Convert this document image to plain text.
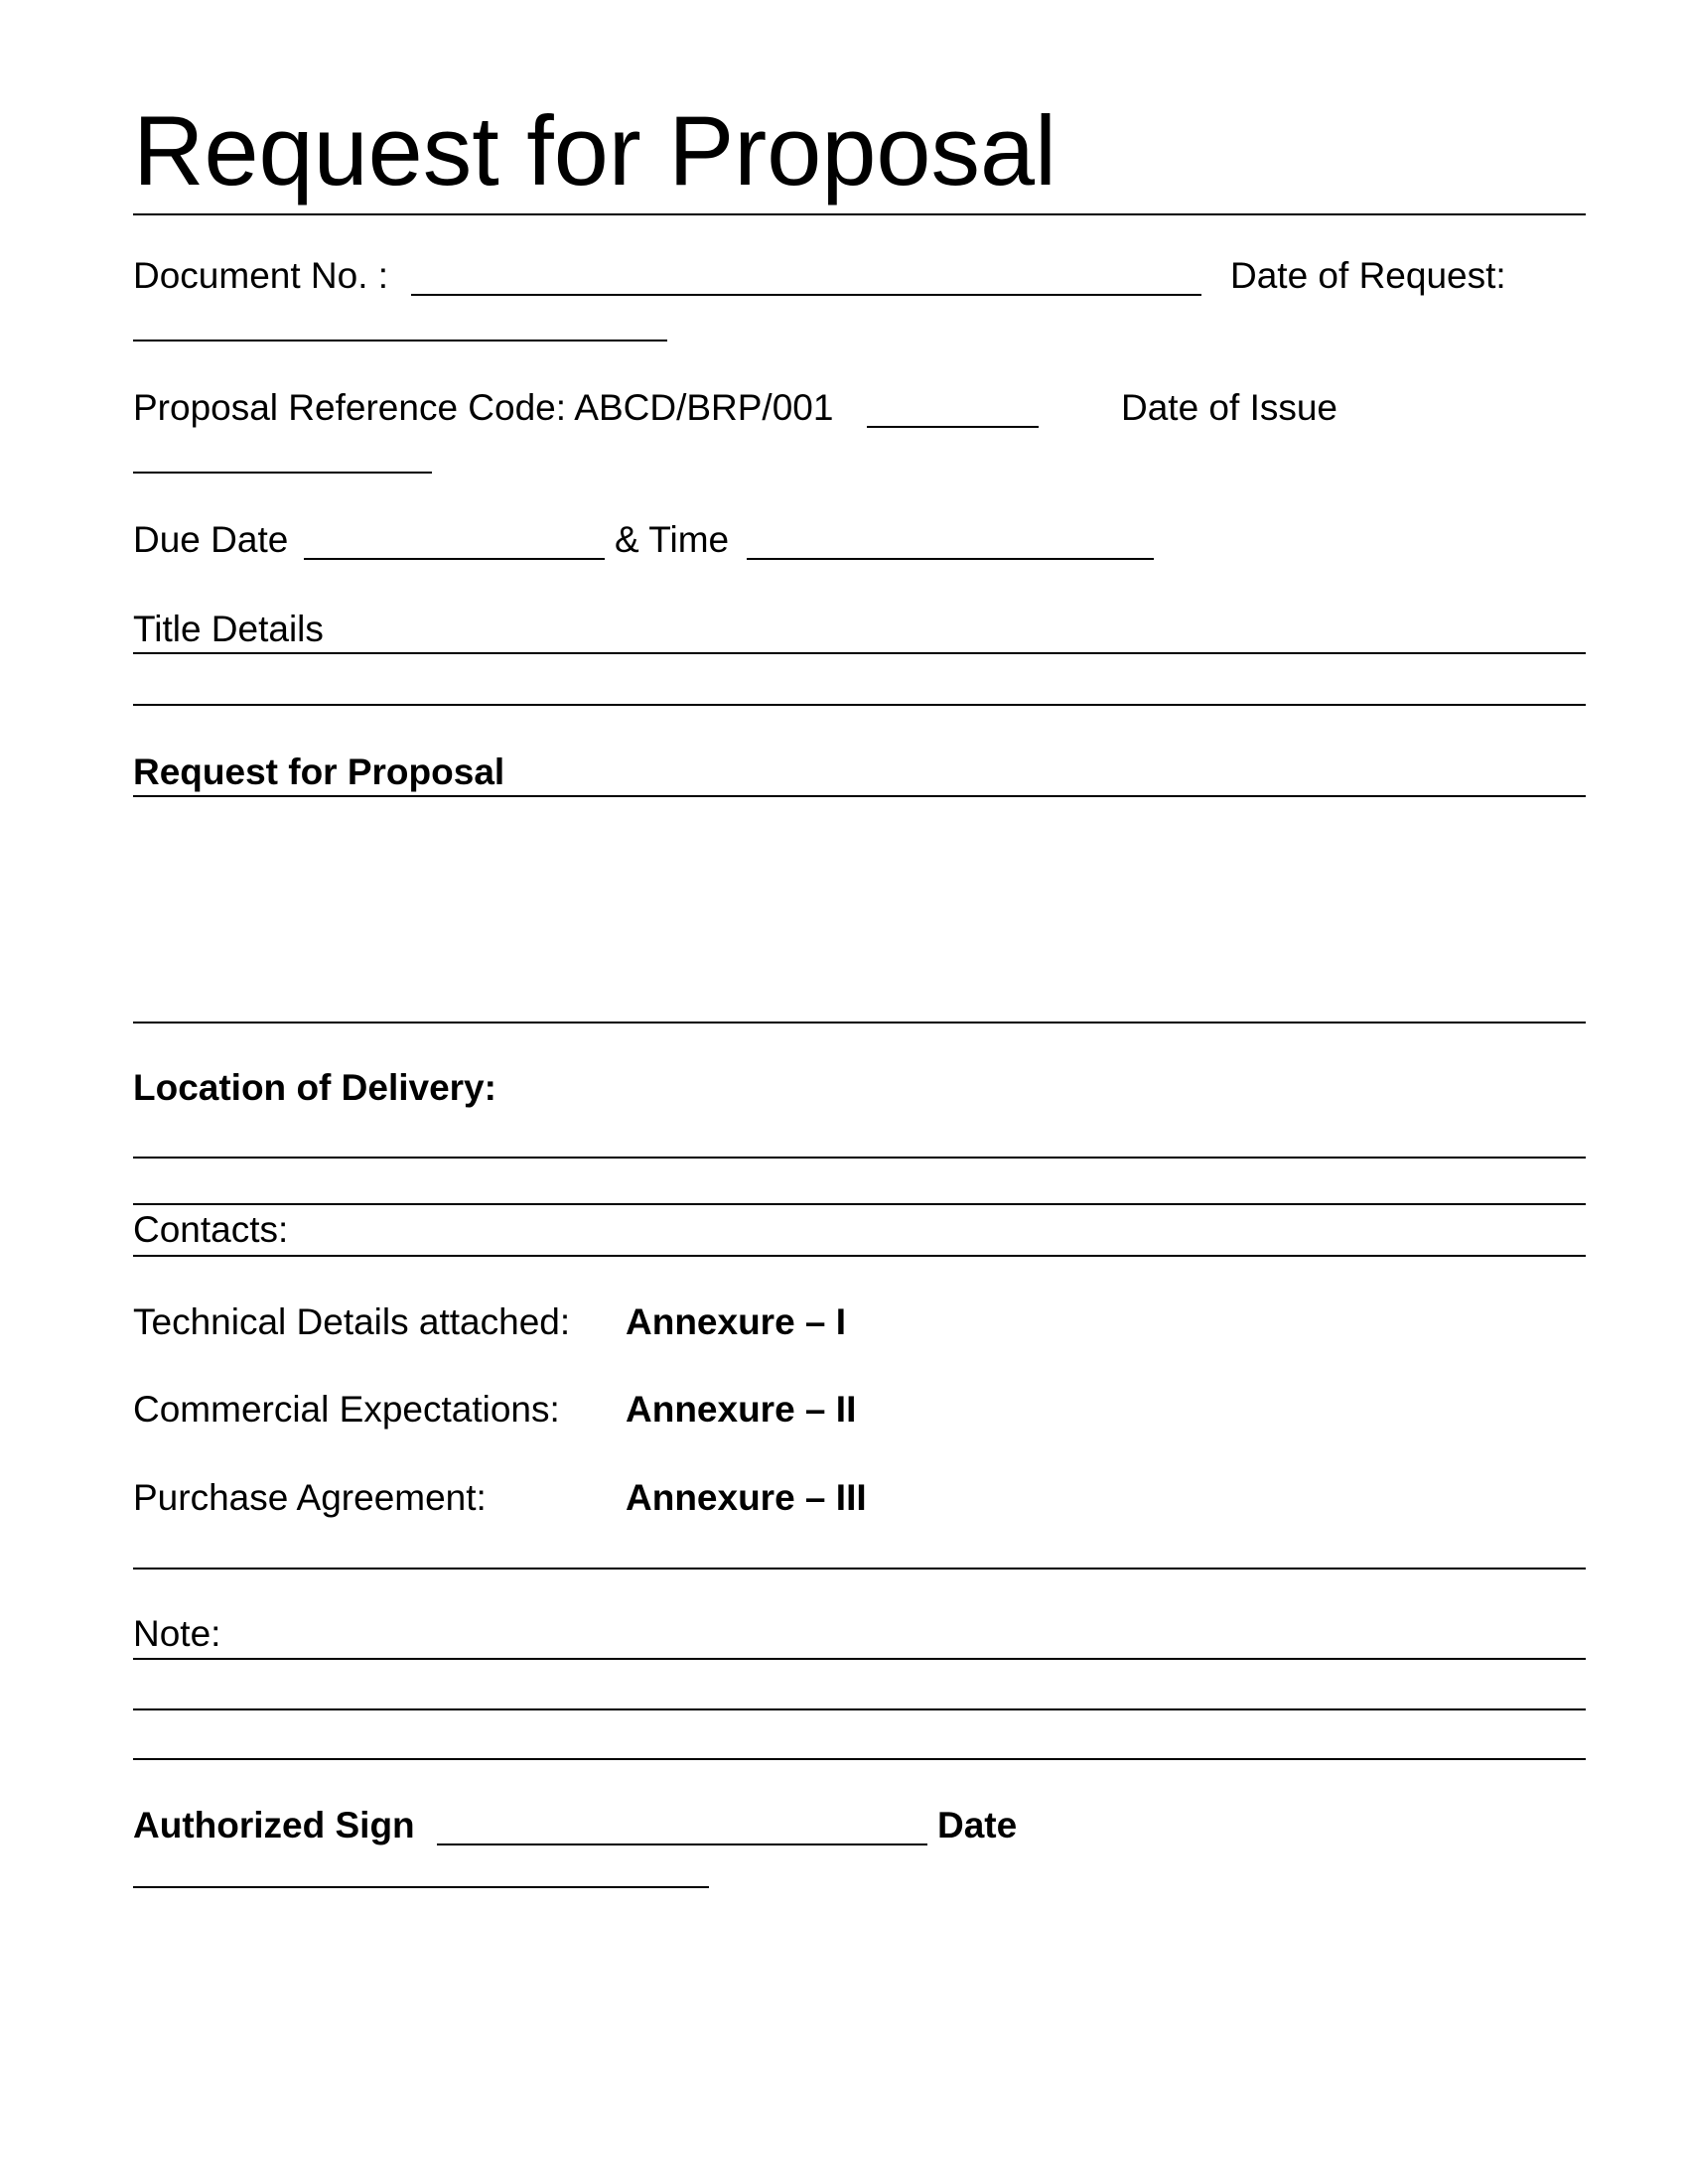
Request for Proposal
Document No. :	Date of Request:
Proposal Reference Code: ABCD/BRP/001	Date of Issue
Due Date	& Time
Title Details
Request for Proposal
Location of Delivery:
Contacts:
Technical Details attached: Annexure – I
Commercial Expectations: Annexure – II
Purchase Agreement:	Annexure – III
Note:
Authorized Sign	Date
